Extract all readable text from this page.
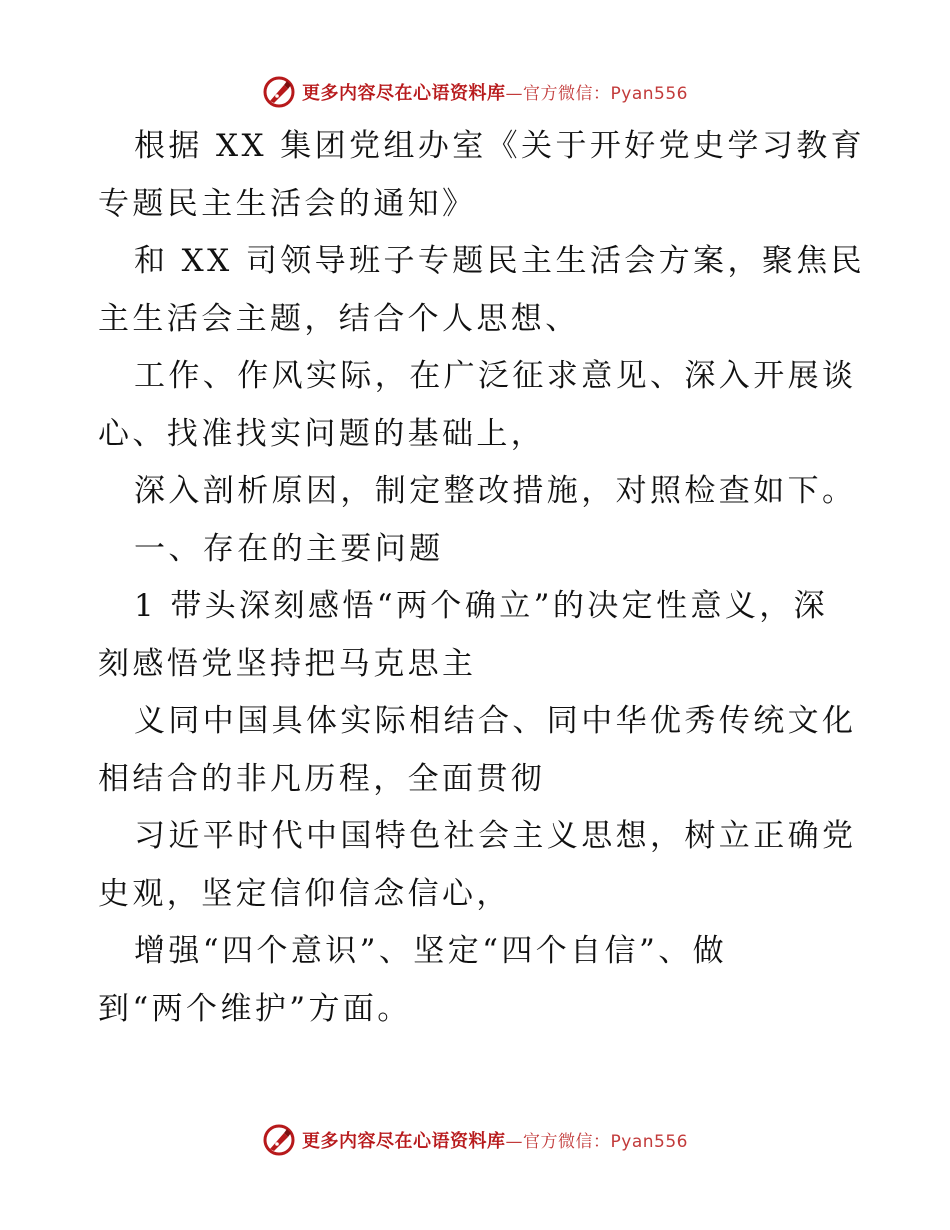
更多内容尽在心语资料库—官方微信：Pyan556

根据 XX 集团党组办室《关于开好党史学习教育

专题民主生活会的通知》

和 XX 司领导班子专题民主生活会方案，聚焦民

主生活会主题，结合个人思想、

工作、作风实际，在广泛征求意见、深入开展谈

心、找准找实问题的基础上，

深入剖析原因，制定整改措施，对照检查如下。

一、存在的主要问题

1 带头深刻感悟“两个确立”的决定性意义，深

刻感悟党坚持把马克思主

义同中国具体实际相结合、同中华优秀传统文化

相结合的非凡历程，全面贯彻

习近平时代中国特色社会主义思想，树立正确党

史观，坚定信仰信念信心，

增强“四个意识”、坚定“四个自信”、做

到“两个维护”方面。

更多内容尽在心语资料库—官方微信：Pyan556
